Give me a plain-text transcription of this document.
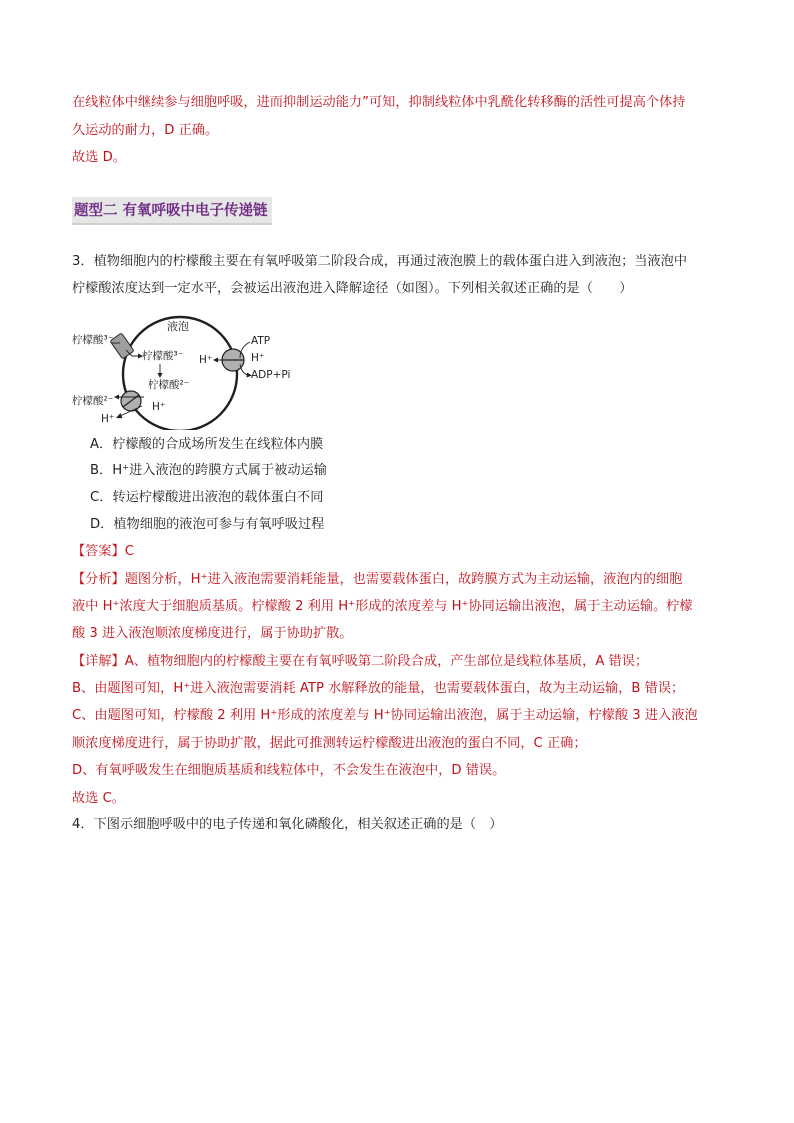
在线粒体中继续参与细胞呼吸，进而抑制运动能力”可知，抑制线粒体中乳酰化转移酶的活性可提高个体持
久运动的耐力，D 正确。
故选 D。
题型二 有氧呼吸中电子传递链
3．植物细胞内的柠檬酸主要在有氧呼吸第二阶段合成，再通过液泡膜上的载体蛋白进入到液泡；当液泡中
柠檬酸浓度达到一定水平，会被运出液泡进入降解途径（如图）。下列相关叙述正确的是（　　）
液泡
柠檬酸³⁻
柠檬酸³⁻
柠檬酸²⁻
柠檬酸²⁻
H⁺
H⁺
H⁺
ATP
H⁺
ADP+Pi
A．柠檬酸的合成场所发生在线粒体内膜
B．H⁺进入液泡的跨膜方式属于被动运输
C．转运柠檬酸进出液泡的载体蛋白不同
D．植物细胞的液泡可参与有氧呼吸过程
【答案】C
【分析】题图分析，H⁺进入液泡需要消耗能量，也需要载体蛋白，故跨膜方式为主动运输，液泡内的细胞
液中 H⁺浓度大于细胞质基质。柠檬酸 2 利用 H⁺形成的浓度差与 H⁺协同运输出液泡，属于主动运输。柠檬
酸 3 进入液泡顺浓度梯度进行，属于协助扩散。
【详解】A、植物细胞内的柠檬酸主要在有氧呼吸第二阶段合成，产生部位是线粒体基质，A 错误；
B、由题图可知，H⁺进入液泡需要消耗 ATP 水解释放的能量，也需要载体蛋白，故为主动运输，B 错误；
C、由题图可知，柠檬酸 2 利用 H⁺形成的浓度差与 H⁺协同运输出液泡，属于主动运输，柠檬酸 3 进入液泡
顺浓度梯度进行，属于协助扩散，据此可推测转运柠檬酸进出液泡的蛋白不同，C 正确；
D、有氧呼吸发生在细胞质基质和线粒体中，不会发生在液泡中，D 错误。
故选 C。
4．下图示细胞呼吸中的电子传递和氧化磷酸化，相关叙述正确的是（　）
